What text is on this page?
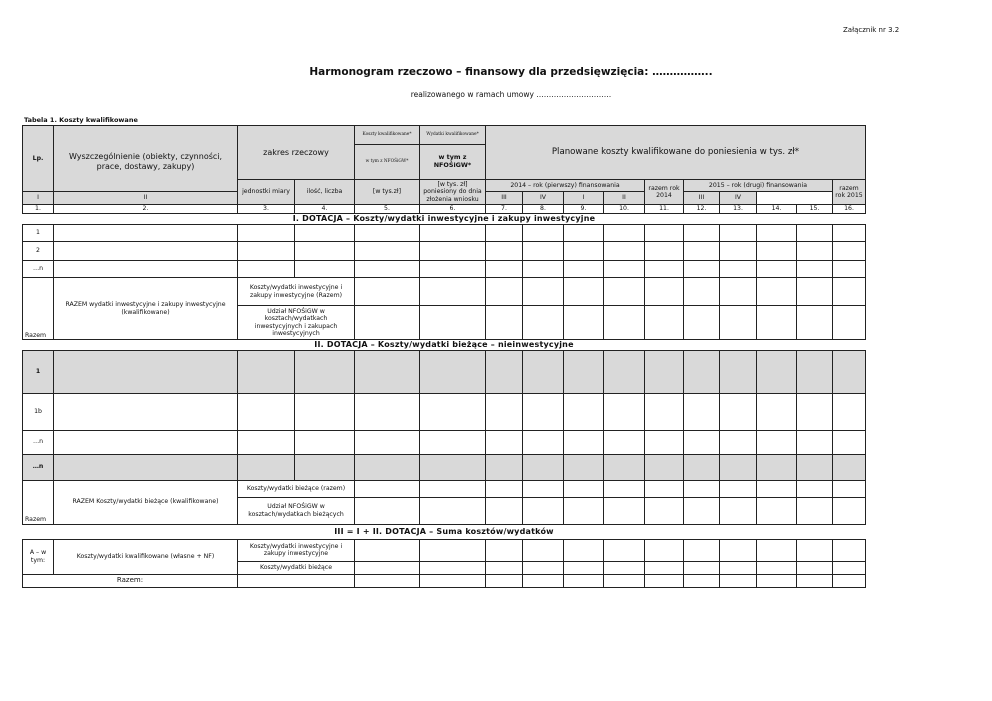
Załącznik nr 3.2
Harmonogram rzeczowo – finansowy dla przedsięwzięcia: ……………..
realizowanego w ramach umowy …………………………
Tabela 1. Koszty kwalifikowane
Lp.	Wyszczególnienie (obiekty, czynności, prace, dostawy, zakupy)	zakres rzeczowy		Koszty kwalifikowane*	Wydatki kwalifikowane*	Planowane koszty kwalifikowane do poniesienia w tys. zł*									
				w tym z NFOŚiGW*	w tym z NFOŚiGW*										
		jednostki miary	ilość, liczba	[w tys.zł]	[w tys. zł] poniesiony do dnia złożenia wniosku	2014 – rok (pierwszy) finansowania				razem rok 2014	2015 – rok (drugi) finansowania				razem rok 2015
I	II					III	IV	I	II		III	IV			
1.	2.	3.	4.	5.	6.	7.	8.	9.	10.	11.	12.	13.	14.	15.	16.
I. DOTACJA – Koszty/wydatki inwestycyjne i zakupy inwestycyjne															
1															
2															
…n															
Razem	RAZEM wydatki inwestycyjne i zakupy inwestycyjne (kwalifikowane)	Koszty/wydatki inwestycyjne i zakupy inwestycyjne (Razem)													
		Udział NFOŚiGW w kosztach/wydatkach inwestycyjnych i zakupach inwestycyjnych													
II. DOTACJA – Koszty/wydatki bieżące – nieinwestycyjne															
1															
1b															
…n															
…n															
Razem	RAZEM Koszty/wydatki bieżące (kwalifikowane)	Koszty/wydatki bieżące (razem)													
		Udział NFOŚiGW w kosztach/wydatkach bieżących													
III = I + II. DOTACJA – Suma kosztów/wydatków															
A – w tym:	Koszty/wydatki kwalifikowane (własne + NF)	Koszty/wydatki inwestycyjne i zakupy inwestycyjne													
		Koszty/wydatki bieżące													
Razem:															
